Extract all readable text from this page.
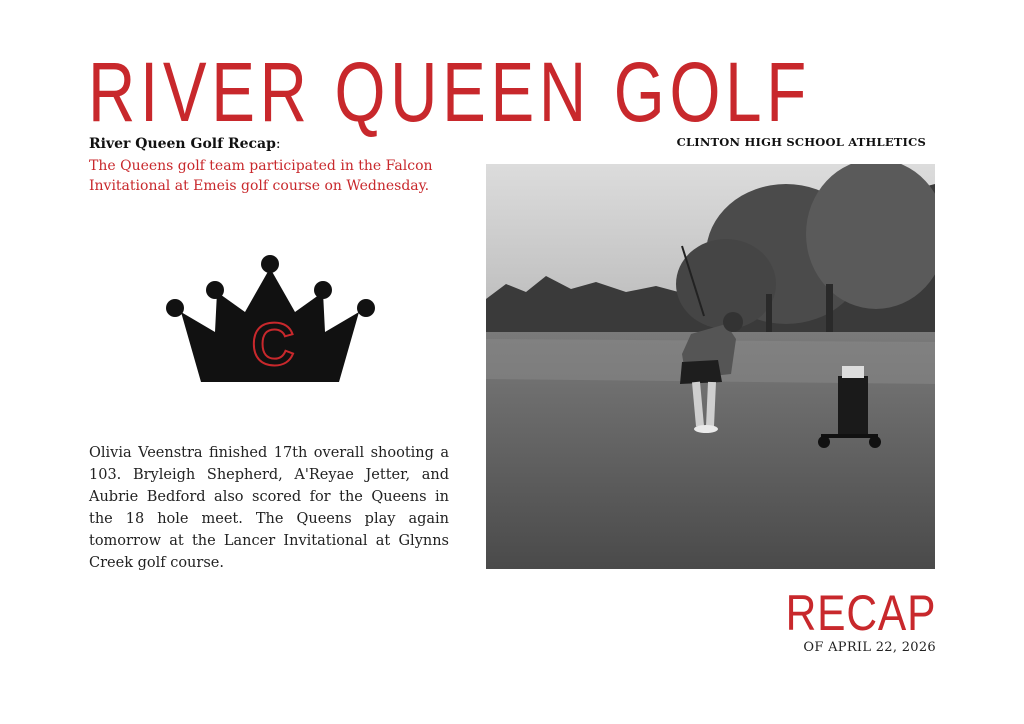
RIVER QUEEN GOLF
CLINTON HIGH SCHOOL ATHLETICS
River Queen Golf Recap:
The Queens golf team participated in the Falcon Invitational at Emeis golf course on Wednesday.
C
Olivia Veenstra finished 17th overall shooting a 103. Bryleigh Shepherd, A'Reyae Jetter, and Aubrie Bedford also scored for the Queens in the 18 hole meet. The Queens play again tomorrow at the Lancer Invitational at Glynns Creek golf course.
RECAP
OF APRIL 22, 2026
